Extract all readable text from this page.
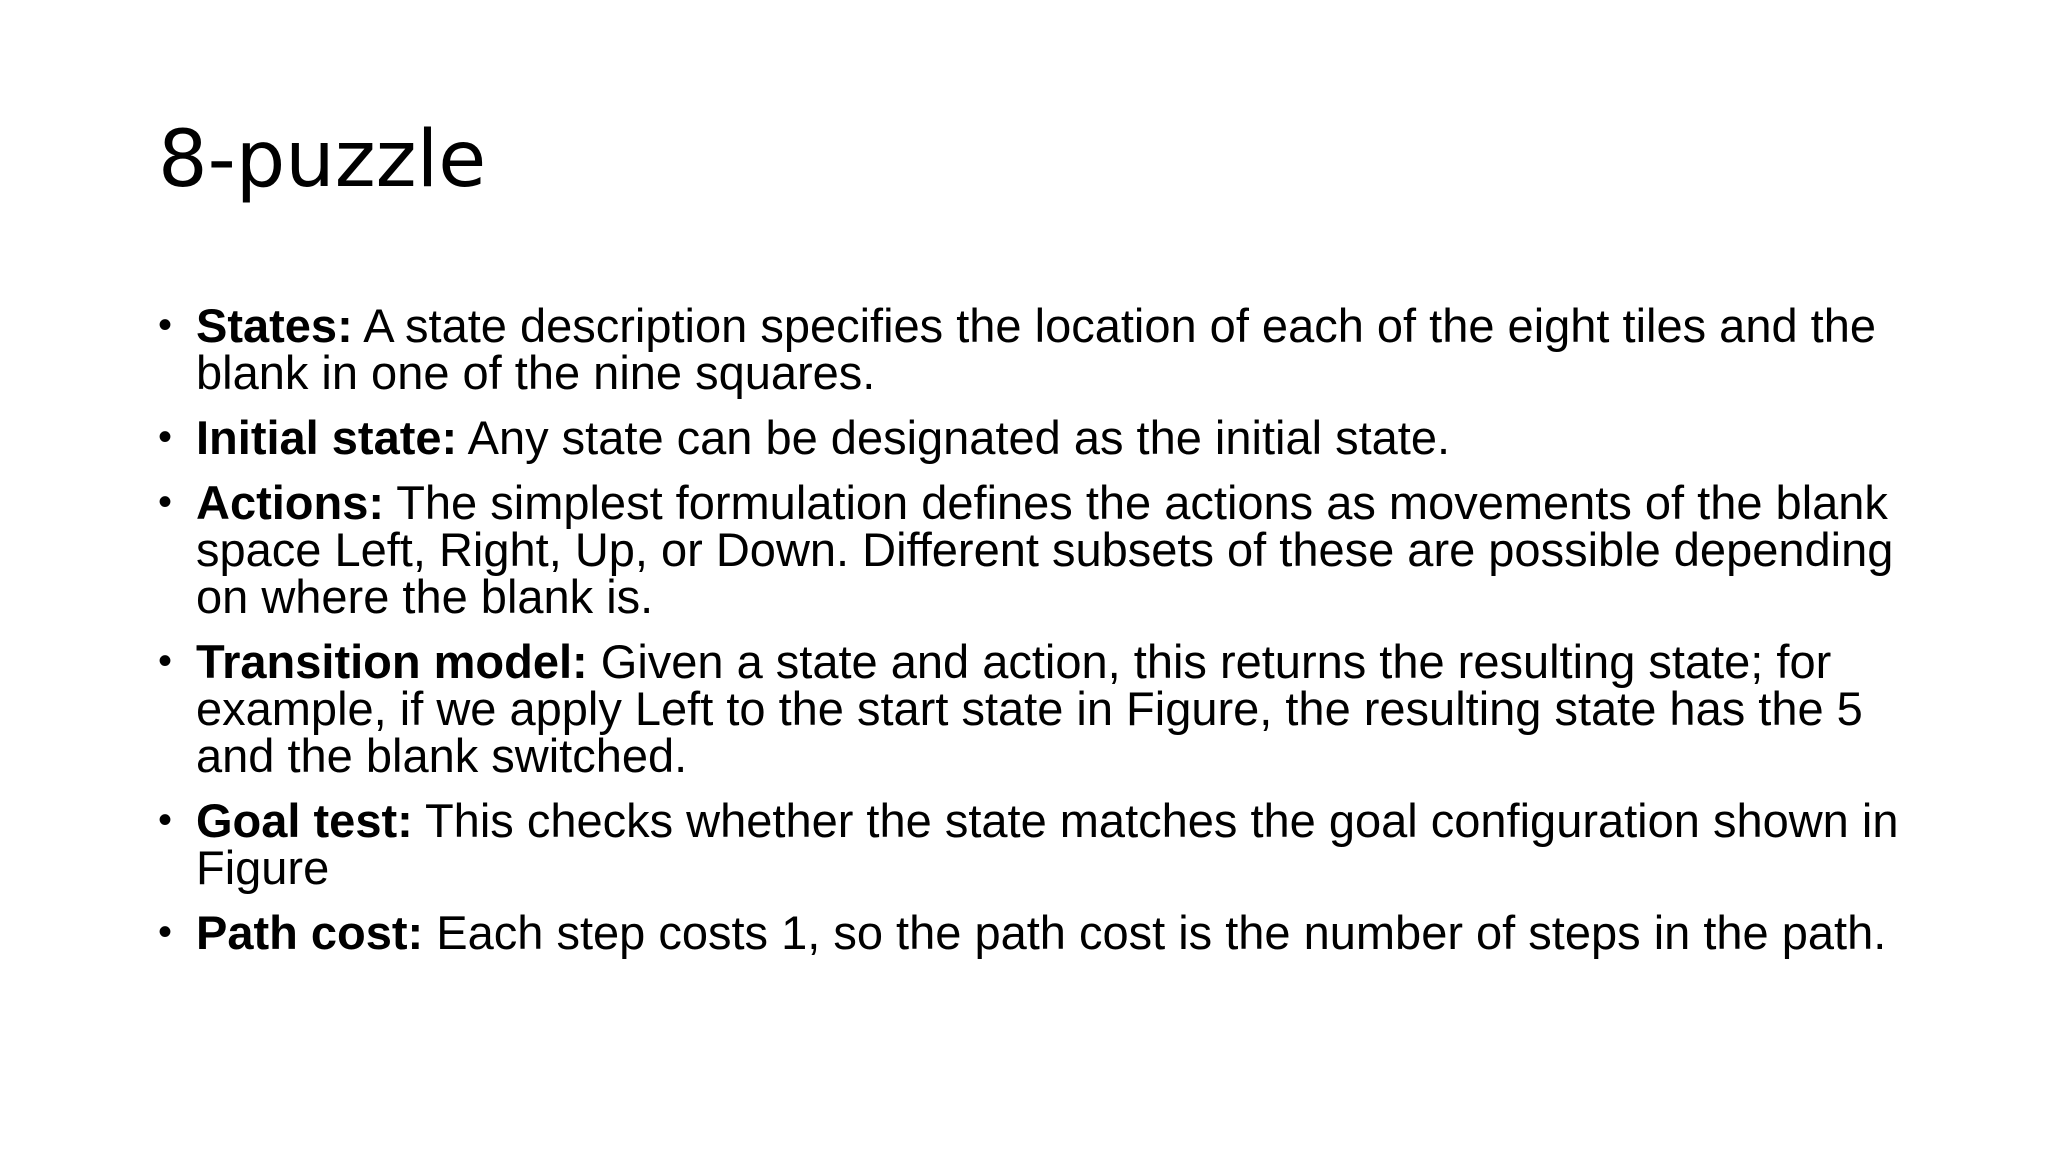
8-puzzle
• States: A state description specifies the location of each of the eight tiles and the blank in one of the nine squares.
• Initial state: Any state can be designated as the initial state.
• Actions: The simplest formulation defines the actions as movements of the blank space Left, Right, Up, or Down. Different subsets of these are possible depending on where the blank is.
• Transition model: Given a state and action, this returns the resulting state; for example, if we apply Left to the start state in Figure, the resulting state has the 5 and the blank switched.
• Goal test: This checks whether the state matches the goal configuration shown in Figure
• Path cost: Each step costs 1, so the path cost is the number of steps in the path.
